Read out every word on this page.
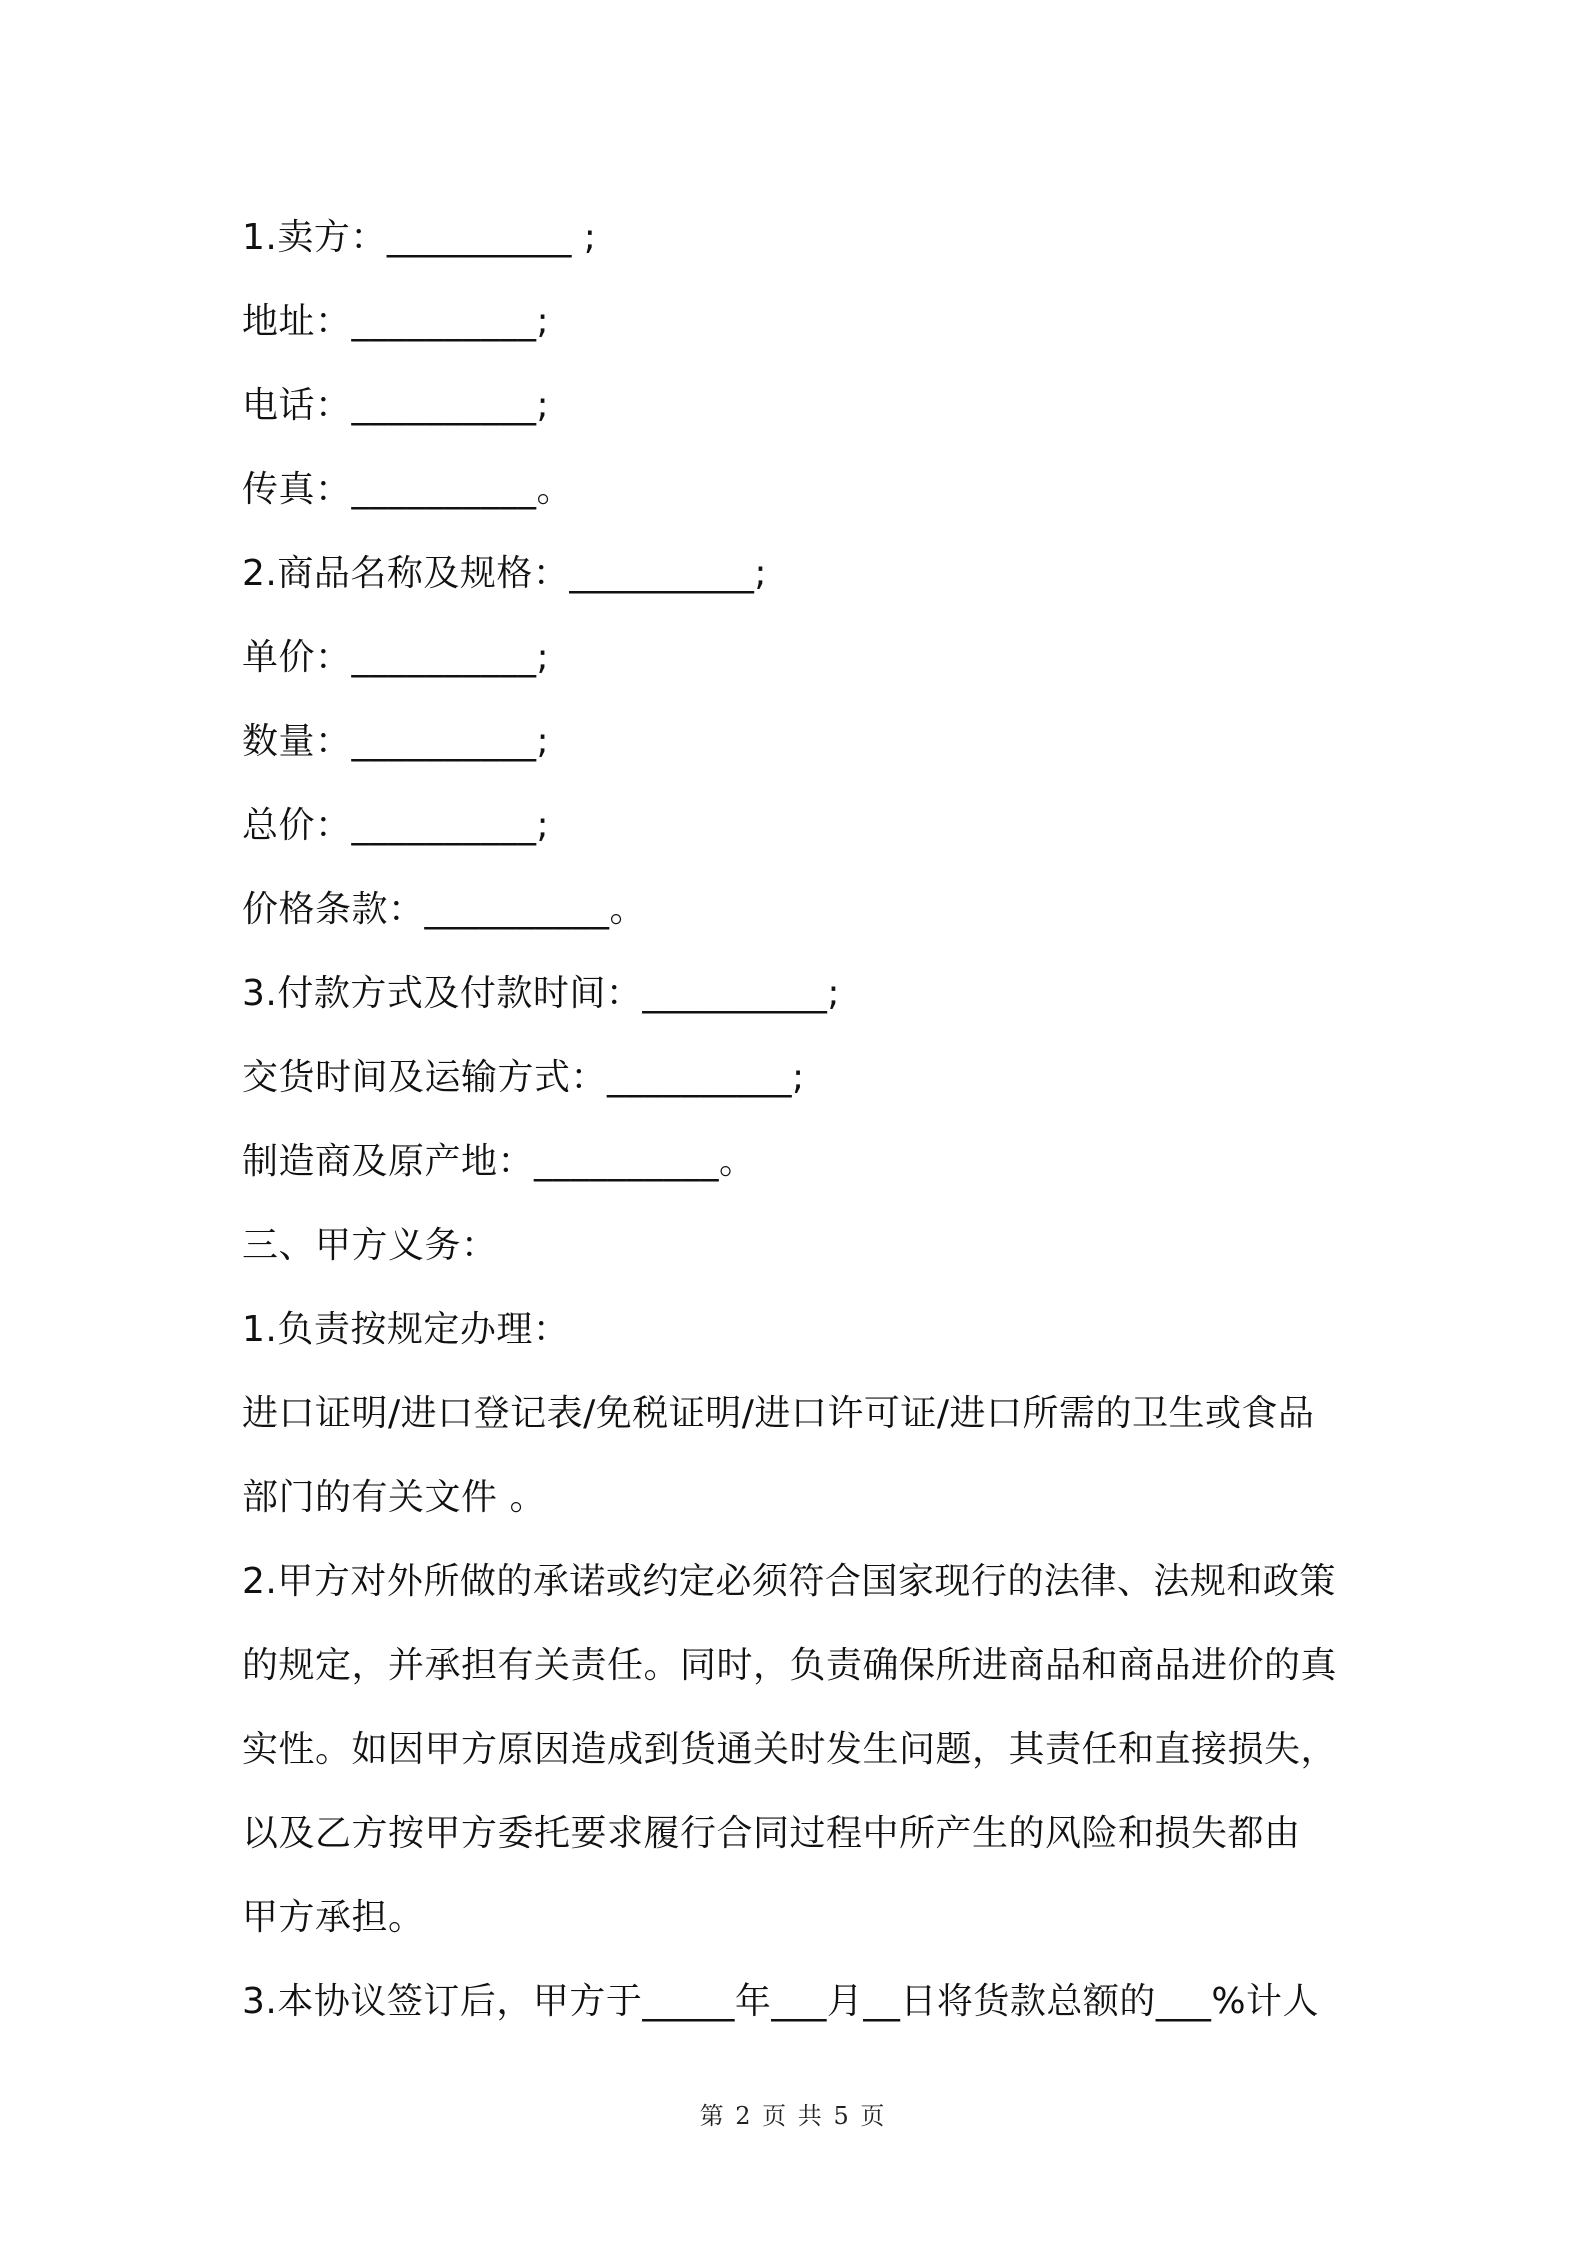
1.卖方：__________ ;
地址：__________;
电话：__________;
传真：__________。
2.商品名称及规格：__________;
单价：__________;
数量：__________;
总价：__________;
价格条款：__________。
3.付款方式及付款时间：__________;
交货时间及运输方式：__________;
制造商及原产地：__________。
三、甲方义务：
1.负责按规定办理：
进口证明/进口登记表/免税证明/进口许可证/进口所需的卫生或食品
部门的有关文件 。
2.甲方对外所做的承诺或约定必须符合国家现行的法律、法规和政策
的规定，并承担有关责任。同时，负责确保所进商品和商品进价的真
实性。如因甲方原因造成到货通关时发生问题，其责任和直接损失，
以及乙方按甲方委托要求履行合同过程中所产生的风险和损失都由
甲方承担。
3.本协议签订后，甲方于_____年___月__日将货款总额的___%计人
第 2 页 共 5 页
